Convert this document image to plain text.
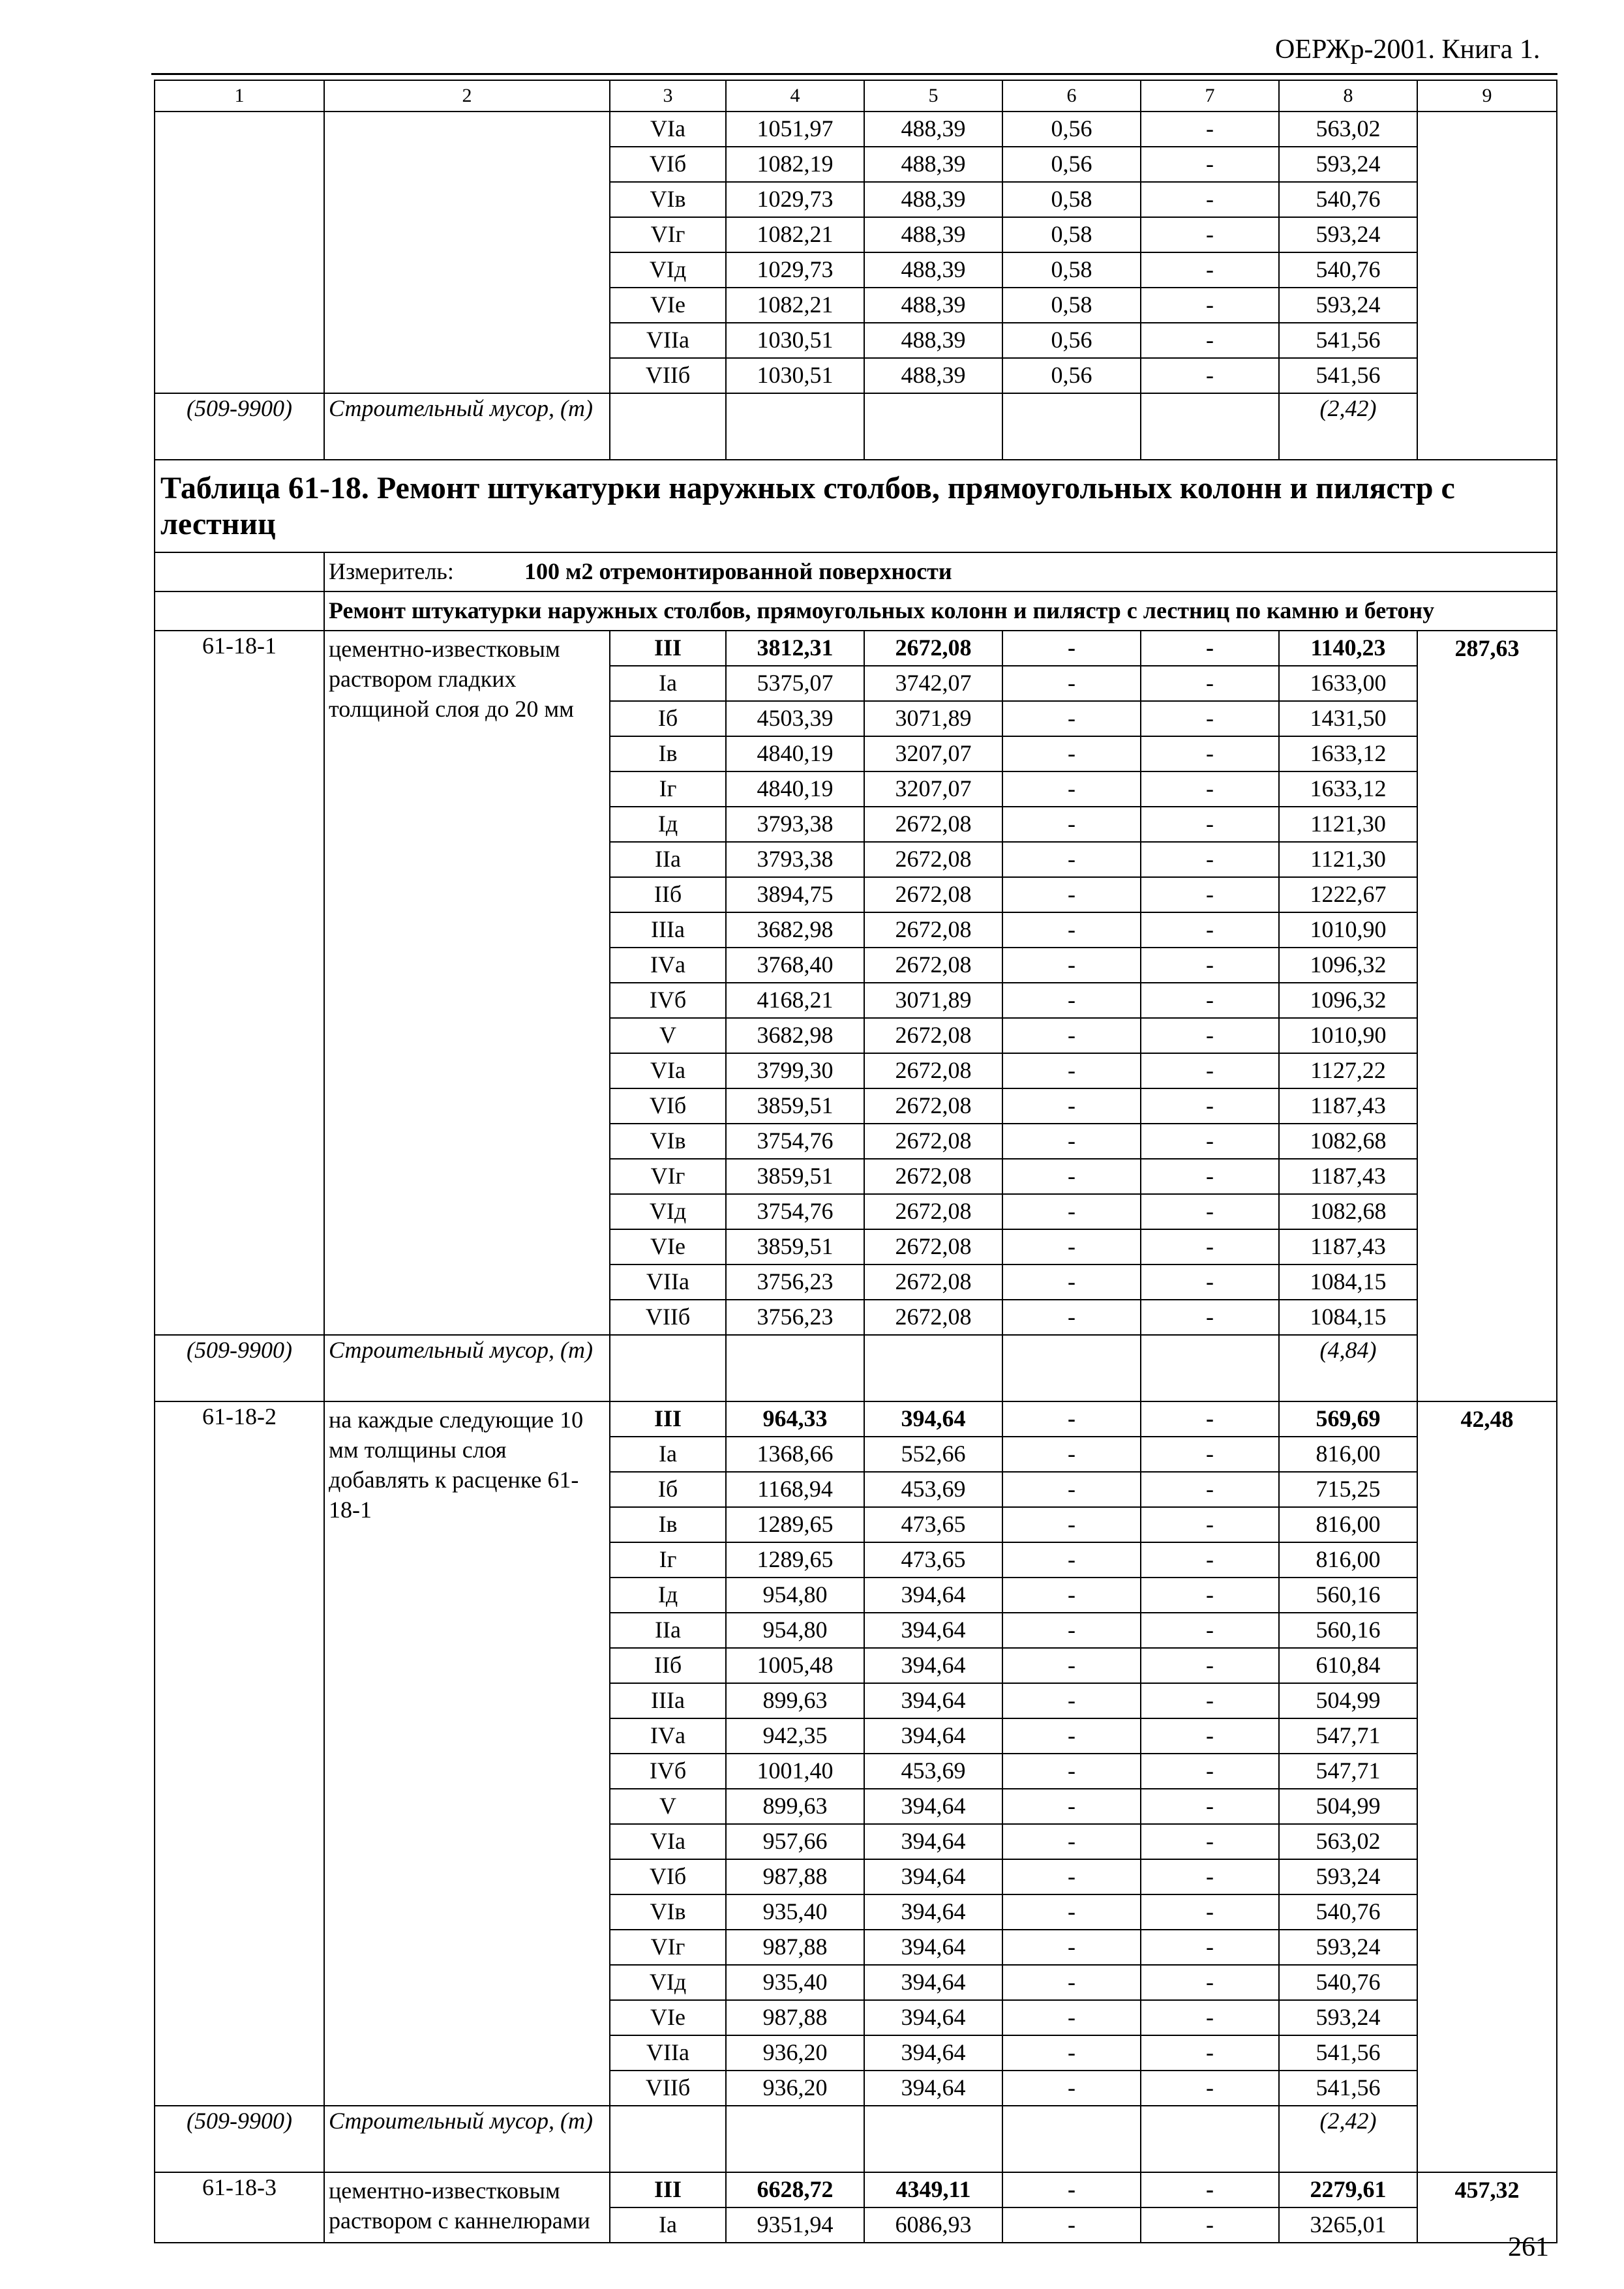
ОЕРЖр-2001. Книга 1.
1	2	3	4	5	6	7	8	9
		VIа	1051,97	488,39	0,56	-	563,02	
		VIб	1082,19	488,39	0,56	-	593,24	
		VIв	1029,73	488,39	0,58	-	540,76	
		VIг	1082,21	488,39	0,58	-	593,24	
		VIд	1029,73	488,39	0,58	-	540,76	
		VIе	1082,21	488,39	0,58	-	593,24	
		VIIа	1030,51	488,39	0,56	-	541,56	
		VIIб	1030,51	488,39	0,56	-	541,56	
(509-9900)	Строительный мусор, (т)						(2,42)	
Таблица 61-18. Ремонт штукатурки наружных столбов, прямоугольных колонн и пилястр с лестниц								
	Измеритель: 100 м2 отремонтированной поверхности							
	Ремонт штукатурки наружных столбов, прямоугольных колонн и пилястр с лестниц по камню и бетону							
61-18-1	цементно-известковым раствором гладких толщиной слоя до 20 мм	III	3812,31	2672,08	-	-	1140,23	287,63
		Iа	5375,07	3742,07	-	-	1633,00	
		Iб	4503,39	3071,89	-	-	1431,50	
		Iв	4840,19	3207,07	-	-	1633,12	
		Iг	4840,19	3207,07	-	-	1633,12	
		Iд	3793,38	2672,08	-	-	1121,30	
		IIа	3793,38	2672,08	-	-	1121,30	
		IIб	3894,75	2672,08	-	-	1222,67	
		IIIа	3682,98	2672,08	-	-	1010,90	
		IVа	3768,40	2672,08	-	-	1096,32	
		IVб	4168,21	3071,89	-	-	1096,32	
		V	3682,98	2672,08	-	-	1010,90	
		VIа	3799,30	2672,08	-	-	1127,22	
		VIб	3859,51	2672,08	-	-	1187,43	
		VIв	3754,76	2672,08	-	-	1082,68	
		VIг	3859,51	2672,08	-	-	1187,43	
		VIд	3754,76	2672,08	-	-	1082,68	
		VIе	3859,51	2672,08	-	-	1187,43	
		VIIа	3756,23	2672,08	-	-	1084,15	
		VIIб	3756,23	2672,08	-	-	1084,15	
(509-9900)	Строительный мусор, (т)						(4,84)	
61-18-2	на каждые следующие 10 мм толщины слоя добавлять к расценке 61-18-1	III	964,33	394,64	-	-	569,69	42,48
		Iа	1368,66	552,66	-	-	816,00	
		Iб	1168,94	453,69	-	-	715,25	
		Iв	1289,65	473,65	-	-	816,00	
		Iг	1289,65	473,65	-	-	816,00	
		Iд	954,80	394,64	-	-	560,16	
		IIа	954,80	394,64	-	-	560,16	
		IIб	1005,48	394,64	-	-	610,84	
		IIIа	899,63	394,64	-	-	504,99	
		IVа	942,35	394,64	-	-	547,71	
		IVб	1001,40	453,69	-	-	547,71	
		V	899,63	394,64	-	-	504,99	
		VIа	957,66	394,64	-	-	563,02	
		VIб	987,88	394,64	-	-	593,24	
		VIв	935,40	394,64	-	-	540,76	
		VIг	987,88	394,64	-	-	593,24	
		VIд	935,40	394,64	-	-	540,76	
		VIе	987,88	394,64	-	-	593,24	
		VIIа	936,20	394,64	-	-	541,56	
		VIIб	936,20	394,64	-	-	541,56	
(509-9900)	Строительный мусор, (т)						(2,42)	
61-18-3	цементно-известковым раствором с каннелюрами	III	6628,72	4349,11	-	-	2279,61	457,32
		Iа	9351,94	6086,93	-	-	3265,01	
261
